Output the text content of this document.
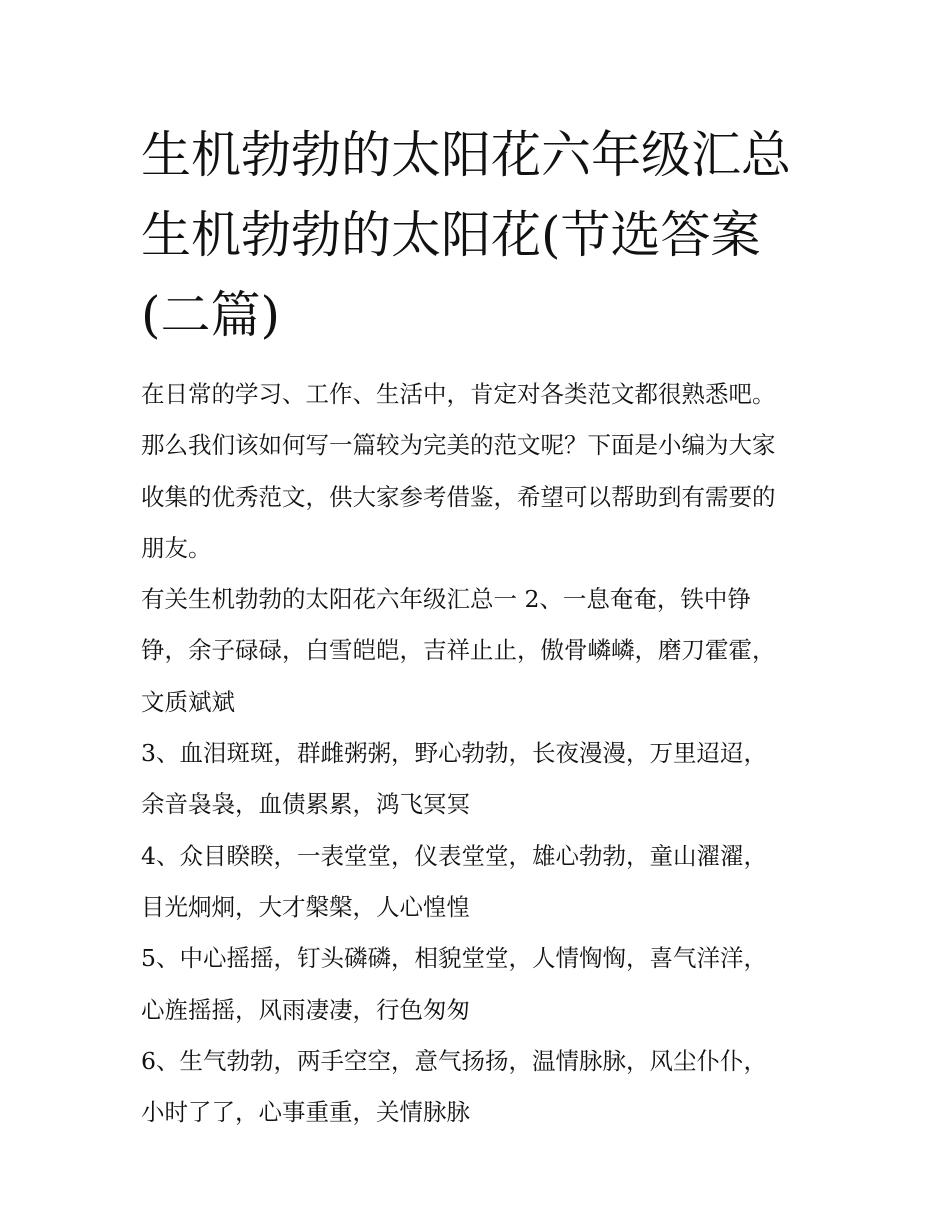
生机勃勃的太阳花六年级汇总
生机勃勃的太阳花(节选答案
(二篇)

在日常的学习、工作、生活中，肯定对各类范文都很熟悉吧。
那么我们该如何写一篇较为完美的范文呢？下面是小编为大家
收集的优秀范文，供大家参考借鉴，希望可以帮助到有需要的
朋友。

有关生机勃勃的太阳花六年级汇总一 2、一息奄奄，铁中铮
铮，余子碌碌，白雪皑皑，吉祥止止，傲骨嶙嶙，磨刀霍霍，
文质斌斌

3、血泪斑斑，群雌粥粥，野心勃勃，长夜漫漫，万里迢迢，
余音袅袅，血债累累，鸿飞冥冥

4、众目睽睽，一表堂堂，仪表堂堂，雄心勃勃，童山濯濯，
目光炯炯，大才槃槃，人心惶惶

5、中心摇摇，钉头磷磷，相貌堂堂，人情恟恟，喜气洋洋，
心旌摇摇，风雨凄凄，行色匆匆

6、生气勃勃，两手空空，意气扬扬，温情脉脉，风尘仆仆，
小时了了，心事重重，关情脉脉
